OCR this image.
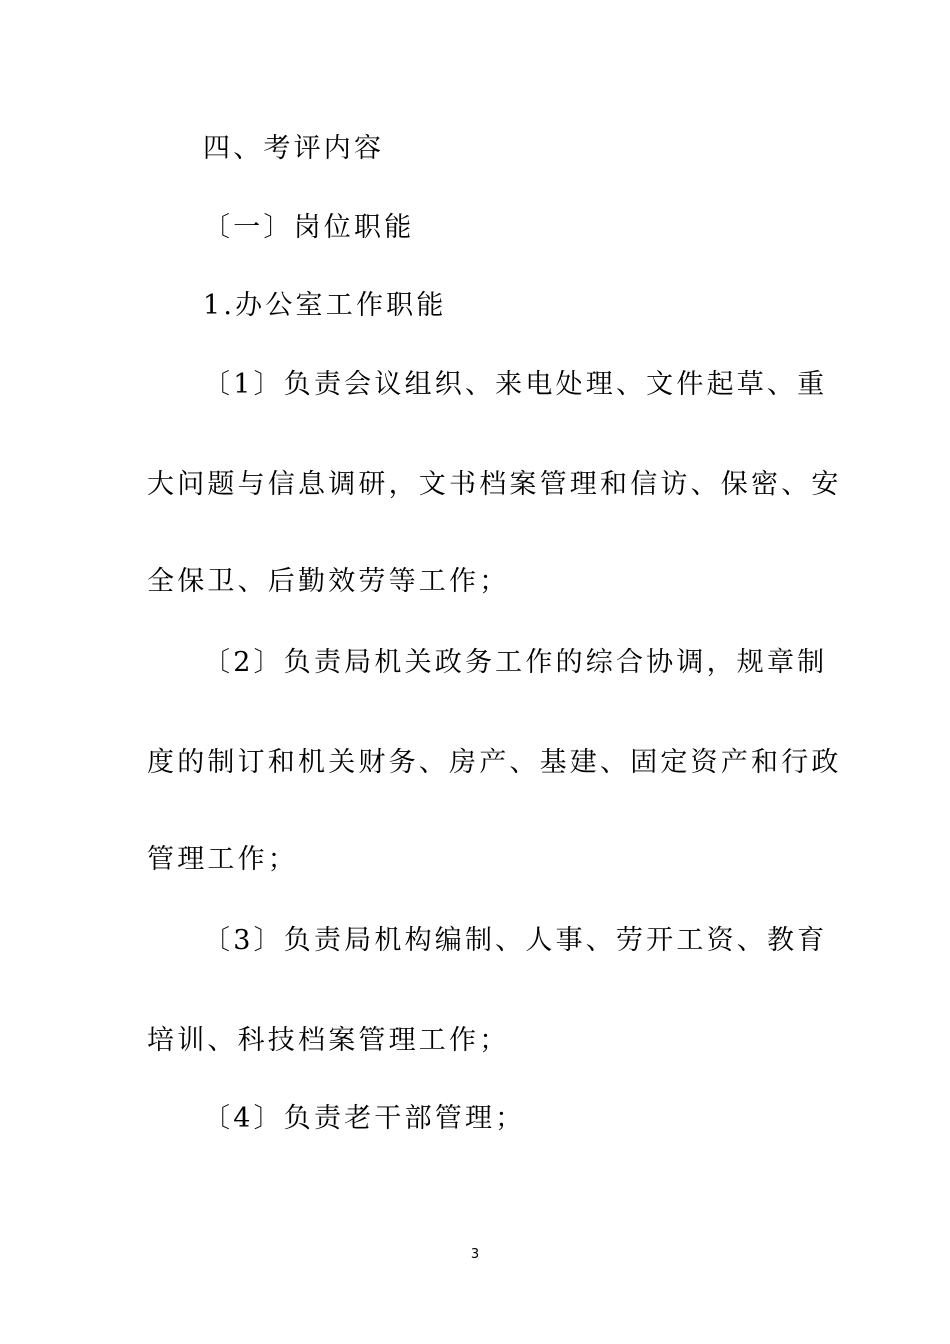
四、考评内容

〔一〕岗位职能

1.办公室工作职能

〔1〕负责会议组织、来电处理、文件起草、重

大问题与信息调研，文书档案管理和信访、保密、安

全保卫、后勤效劳等工作；

〔2〕负责局机关政务工作的综合协调，规章制

度的制订和机关财务、房产、基建、固定资产和行政

管理工作；

〔3〕负责局机构编制、人事、劳开工资、教育

培训、科技档案管理工作；

〔4〕负责老干部管理；

3
